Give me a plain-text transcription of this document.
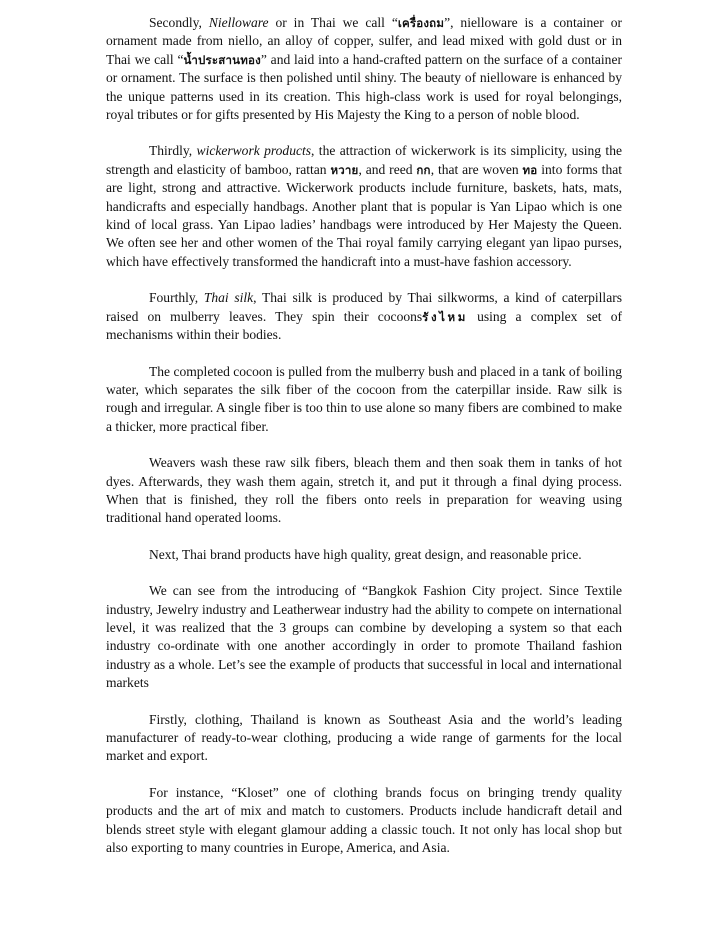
Secondly, Nielloware or in Thai we call “เครื่องถม”, nielloware is a container or ornament made from niello, an alloy of copper, sulfer, and lead mixed with gold dust or in Thai we call “น้ำประสานทอง” and laid into a hand-crafted pattern on the surface of a container or ornament. The surface is then polished until shiny. The beauty of nielloware is enhanced by the unique patterns used in its creation. This high-class work is used for royal belongings, royal tributes or for gifts presented by His Majesty the King to a person of noble blood.

Thirdly, wickerwork products, the attraction of wickerwork is its simplicity, using the strength and elasticity of bamboo, rattan หวาย, and reed กก, that are woven ทอ into forms that are light, strong and attractive. Wickerwork products include furniture, baskets, hats, mats, handicrafts and especially handbags. Another plant that is popular is Yan Lipao which is one kind of local grass. Yan Lipao ladies’ handbags were introduced by Her Majesty the Queen. We often see her and other women of the Thai royal family carrying elegant yan lipao purses, which have effectively transformed the handicraft into a must-have fashion accessory.

Fourthly, Thai silk, Thai silk is produced by Thai silkworms, a kind of caterpillars raised on mulberry leaves. They spin their cocoonsรังไหม using a complex set of mechanisms within their bodies.

The completed cocoon is pulled from the mulberry bush and placed in a tank of boiling water, which separates the silk fiber of the cocoon from the caterpillar inside. Raw silk is rough and irregular. A single fiber is too thin to use alone so many fibers are combined to make a thicker, more practical fiber.

Weavers wash these raw silk fibers, bleach them and then soak them in tanks of hot dyes. Afterwards, they wash them again, stretch it, and put it through a final dying process. When that is finished, they roll the fibers onto reels in preparation for weaving using traditional hand operated looms.

Next, Thai brand products have high quality, great design, and reasonable price.

We can see from the introducing of “Bangkok Fashion City project. Since Textile industry, Jewelry industry and Leatherwear industry had the ability to compete on international level, it was realized that the 3 groups can combine by developing a system so that each industry co-ordinate with one another accordingly in order to promote Thailand fashion industry as a whole. Let’s see the example of products that successful in local and international markets

Firstly, clothing, Thailand is known as Southeast Asia and the world’s leading manufacturer of ready-to-wear clothing, producing a wide range of garments for the local market and export.

For instance, “Kloset” one of clothing brands focus on bringing trendy quality products and the art of mix and match to customers. Products include handicraft detail and blends street style with elegant glamour adding a classic touch. It not only has local shop but also exporting to many countries in Europe, America, and Asia.
